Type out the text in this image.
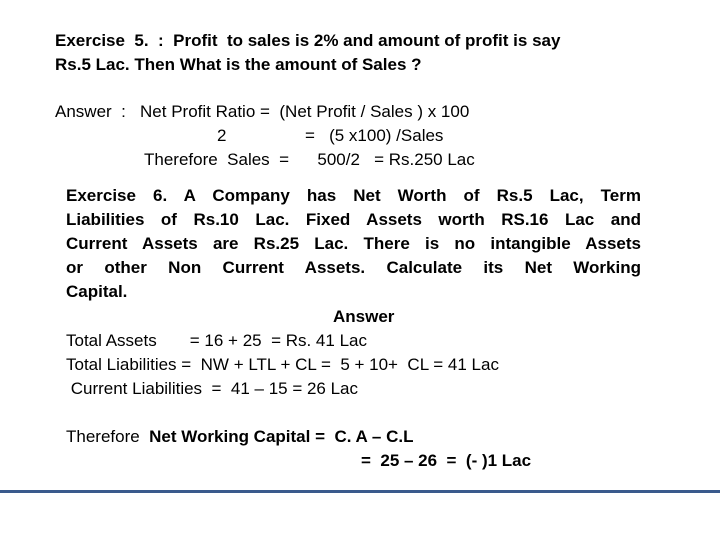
Exercise  5.  :  Profit  to sales is 2% and amount of profit is say
Rs.5 Lac. Then What is the amount of Sales ?
Answer  :   Net Profit Ratio =  (Net Profit / Sales ) x 100
2	=   (5 x100) /Sales
Therefore  Sales  =      500/2   = Rs.250 Lac
Exercise 6. A Company has Net Worth of Rs.5 Lac, Term
Liabilities of Rs.10 Lac. Fixed Assets worth RS.16 Lac and
Current Assets are Rs.25 Lac. There is no intangible Assets
or other Non Current Assets. Calculate its Net Working
Capital.
Answer
Total Assets       = 16 + 25  = Rs. 41 Lac
Total Liabilities =  NW + LTL + CL =  5 + 10+  CL = 41 Lac
Current Liabilities  =  41 – 15 = 26 Lac
Therefore  Net Working Capital =  C. A – C.L
=  25 – 26  =  (- )1 Lac
